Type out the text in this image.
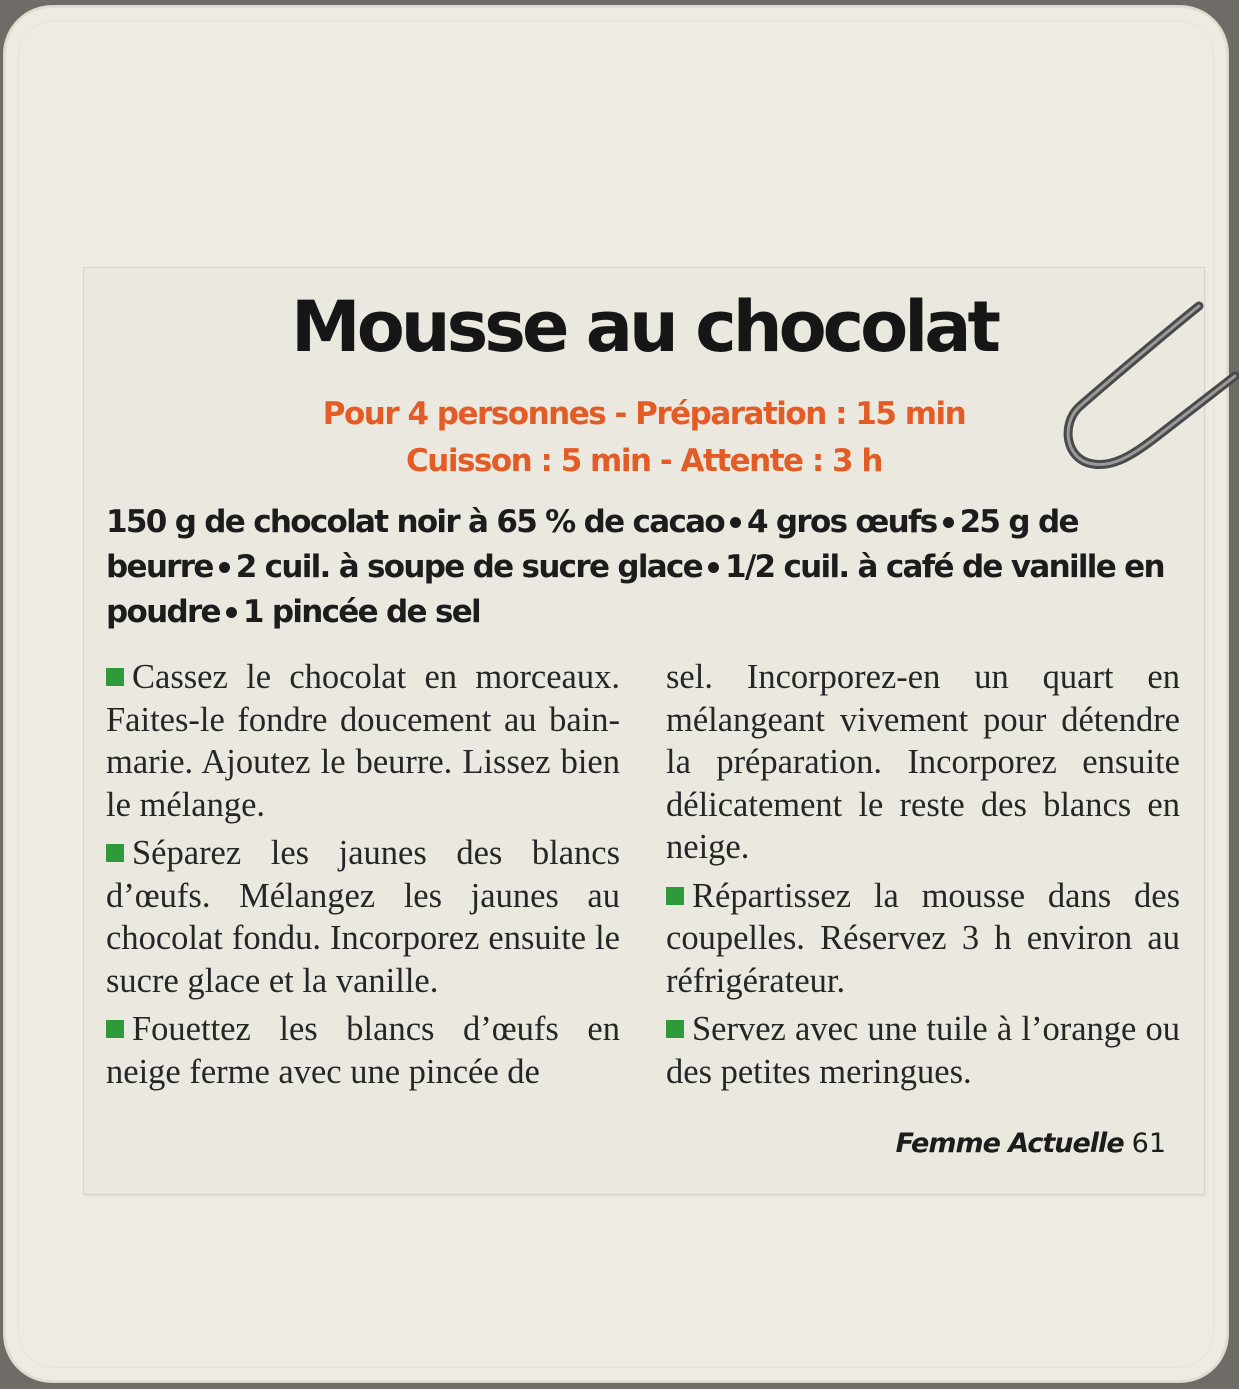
Mousse au chocolat

Pour 4 personnes - Préparation : 15 min

Cuisson : 5 min - Attente : 3 h

150 g de chocolat noir à 65 % de cacao 4 gros œufs 25 g de beurre 2 cuil. à soupe de sucre glace 1/2 cuil. à café de vanille en poudre 1 pincée de sel

Cassez le chocolat en morceaux. Faites-le fondre doucement au bain-marie. Ajoutez le beurre. Lissez bien le mélange.

Séparez les jaunes des blancs d’œufs. Mélangez les jaunes au chocolat fondu. Incorporez ensuite le sucre glace et la vanille.

Fouettez les blancs d’œufs en neige ferme avec une pincée de

sel. Incorporez-en un quart en mélangeant vivement pour détendre la préparation. Incorporez ensuite délicatement le reste des blancs en neige.

Répartissez la mousse dans des coupelles. Réservez 3 h environ au réfrigérateur.

Servez avec une tuile à l’orange ou des petites meringues.

Femme Actuelle 61
